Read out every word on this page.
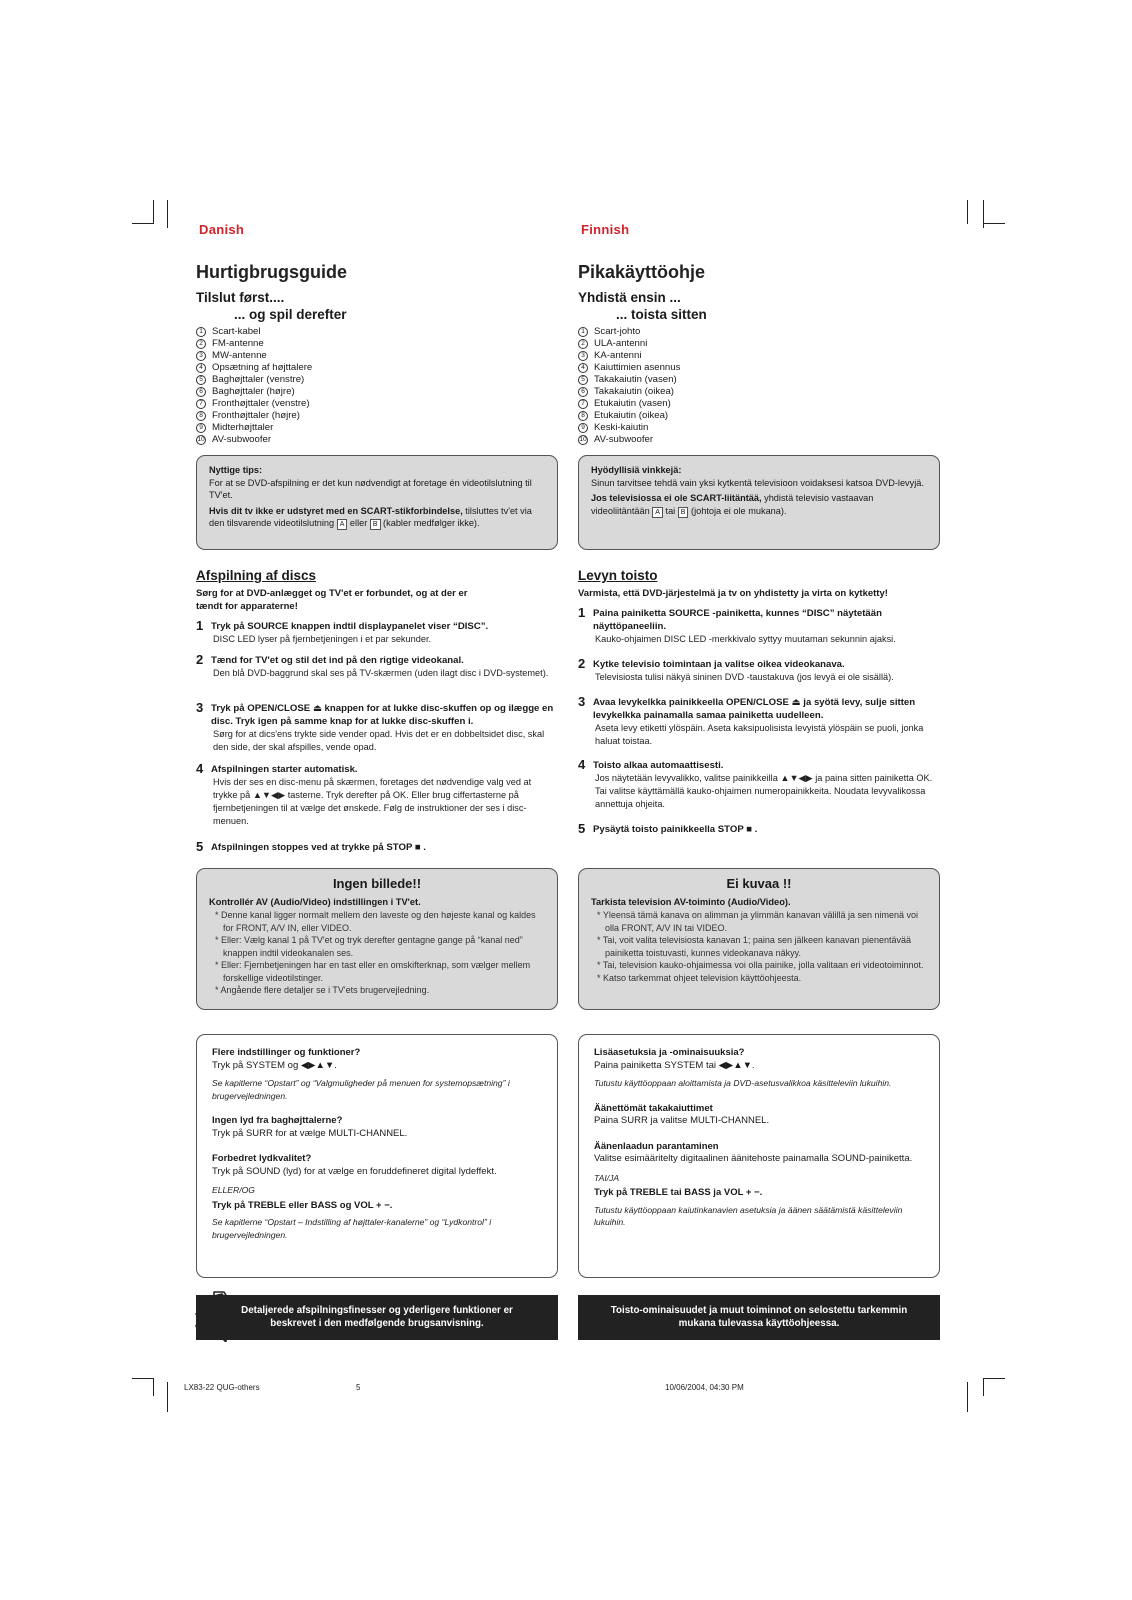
Danish
Hurtigbrugsguide
Tilslut først....
... og spil derefter
1 Scart-kabel
2 FM-antenne
3 MW-antenne
4 Opsætning af højttalere
5 Baghøjttaler (venstre)
6 Baghøjttaler (højre)
7 Fronthøjttaler (venstre)
8 Fronthøjttaler (højre)
9 Midterhøjttaler
10 AV-subwoofer
Nyttige tips:
For at se DVD-afspilning er det kun nødvendigt at foretage én videotilslutning til TV'et.
Hvis dit tv ikke er udstyret med en SCART-stikforbindelse, tilsluttes tv'et via den tilsvarende videotilslutning A eller B (kabler medfølger ikke).
Afspilning af discs
Sørg for at DVD-anlægget og TV'et er forbundet, og at der er tændt for apparaterne!
1 Tryk på SOURCE knappen indtil displaypanelet viser “DISC”.
DISC LED lyser på fjernbetjeningen i et par sekunder.
2 Tænd for TV'et og stil det ind på den rigtige videokanal.
Den blå DVD-baggrund skal ses på TV-skærmen (uden ilagt disc i DVD-systemet).
3 Tryk på OPEN/CLOSE ⏏ knappen for at lukke disc-skuffen op og ilægge en disc. Tryk igen på samme knap for at lukke disc-skuffen i.
Sørg for at dics'ens trykte side vender opad. Hvis det er en dobbeltsidet disc, skal den side, der skal afspilles, vende opad.
4 Afspilningen starter automatisk.
Hvis der ses en disc-menu på skærmen, foretages det nødvendige valg ved at trykke på ▲▼◀▶ tasterne. Tryk derefter på OK. Eller brug ciffertasterne på fjernbetjeningen til at vælge det ønskede. Følg de instruktioner der ses i disc-menuen.
5 Afspilningen stoppes ved at trykke på STOP ■ .
Ingen billede!!
Kontrollér AV (Audio/Video) indstillingen i TV'et.
* Denne kanal ligger normalt mellem den laveste og den højeste kanal og kaldes for FRONT, A/V IN, eller VIDEO.
* Eller: Vælg kanal 1 på TV'et og tryk derefter gentagne gange på “kanal ned” knappen indtil videokanalen ses.
* Eller: Fjernbetjeningen har en tast eller en omskifterknap, som vælger mellem forskellige videotilstinger.
* Angående flere detaljer se i TV'ets brugervejledning.
Flere indstillinger og funktioner?
Tryk på SYSTEM og ◀▶▲▼.
Se kapitlerne “Opstart” og “Valgmuligheder på menuen for systemopsætning” i brugervejledningen.
Ingen lyd fra baghøjttalerne?
Tryk på SURR for at vælge MULTI-CHANNEL.
Forbedret lydkvalitet?
Tryk på SOUND (lyd) for at vælge en foruddefineret digital lydeffekt.
ELLER/OG
Tryk på TREBLE eller BASS og VOL + −.
Se kapitlerne “Opstart – Indstilling af højttaler-kanalerne” og “Lydkontrol” i brugervejledningen.
Detaljerede afspilningsfinesser og yderligere funktioner er beskrevet i den medfølgende brugsanvisning.
Finnish
Pikakäyttöohje
Yhdistä ensin ...
... toista sitten
1 Scart-johto
2 ULA-antenni
3 KA-antenni
4 Kaiuttimien asennus
5 Takakaiutin (vasen)
6 Takakaiutin (oikea)
7 Etukaiutin (vasen)
8 Etukaiutin (oikea)
9 Keski-kaiutin
10 AV-subwoofer
Hyödyllisiä vinkkejä:
Sinun tarvitsee tehdä vain yksi kytkentä televisioon voidaksesi katsoa DVD-levyjä.
Jos televisiossa ei ole SCART-liitäntää, yhdistä televisio vastaavan videoliitäntään A tai B (johtoja ei ole mukana).
Levyn toisto
Varmista, että DVD-järjestelmä ja tv on yhdistetty ja virta on kytketty!
1 Paina painiketta SOURCE -painiketta, kunnes “DISC” näytetään näyttöpaneeliin.
Kauko-ohjaimen DISC LED -merkkivalo syttyy muutaman sekunnin ajaksi.
2 Kytke televisio toimintaan ja valitse oikea videokanava.
Televisiosta tulisi näkyä sininen DVD -taustakuva (jos levyä ei ole sisällä).
3 Avaa levykelkka painikkeella OPEN/CLOSE ⏏ ja syötä levy, sulje sitten levykelkka painamalla samaa painiketta uudelleen.
Aseta levy etiketti ylöspäin. Aseta kaksipuolisista levyistä ylöspäin se puoli, jonka haluat toistaa.
4 Toisto alkaa automaattisesti.
Jos näytetään levyvalikko, valitse painikkeilla ▲▼◀▶ ja paina sitten painiketta OK. Tai valitse käyttämällä kauko-ohjaimen numeropainikkeita. Noudata levyvalikossa annettuja ohjeita.
5 Pysäytä toisto painikkeella STOP ■ .
Ei kuvaa !!
Tarkista television AV-toiminto (Audio/Video).
* Yleensä tämä kanava on alimman ja ylimmän kanavan välillä ja sen nimenä voi olla FRONT, A/V IN tai VIDEO.
* Tai, voit valita televisiosta kanavan 1; paina sen jälkeen kanavan pienentävää painiketta toistuvasti, kunnes videokanava näkyy.
* Tai, television kauko-ohjaimessa voi olla painike, jolla valitaan eri videotoiminnot.
* Katso tarkemmat ohjeet television käyttöohjeesta.
Lisäasetuksia ja -ominaisuuksia?
Paina painiketta SYSTEM tai ◀▶▲▼.
Tutustu käyttöoppaan aloittamista ja DVD-asetusvalikkoa käsitteleviin lukuihin.
Äänettömät takakaiuttimet
Paina SURR ja valitse MULTI-CHANNEL.
Äänenlaadun parantaminen
Valitse esimääritelty digitaalinen äänitehoste painamalla SOUND-painiketta.
TAI/JA
Tryk på TREBLE tai BASS ja VOL + −.
Tutustu käyttöoppaan kaiutinkanavien asetuksia ja äänen säätämistä käsitteleviin lukuihin.
Toisto-ominaisuudet ja muut toiminnot on selostettu tarkemmin mukana tulevassa käyttöohjeessa.
LX83-22 QUG-others	5	10/06/2004, 04:30 PM
